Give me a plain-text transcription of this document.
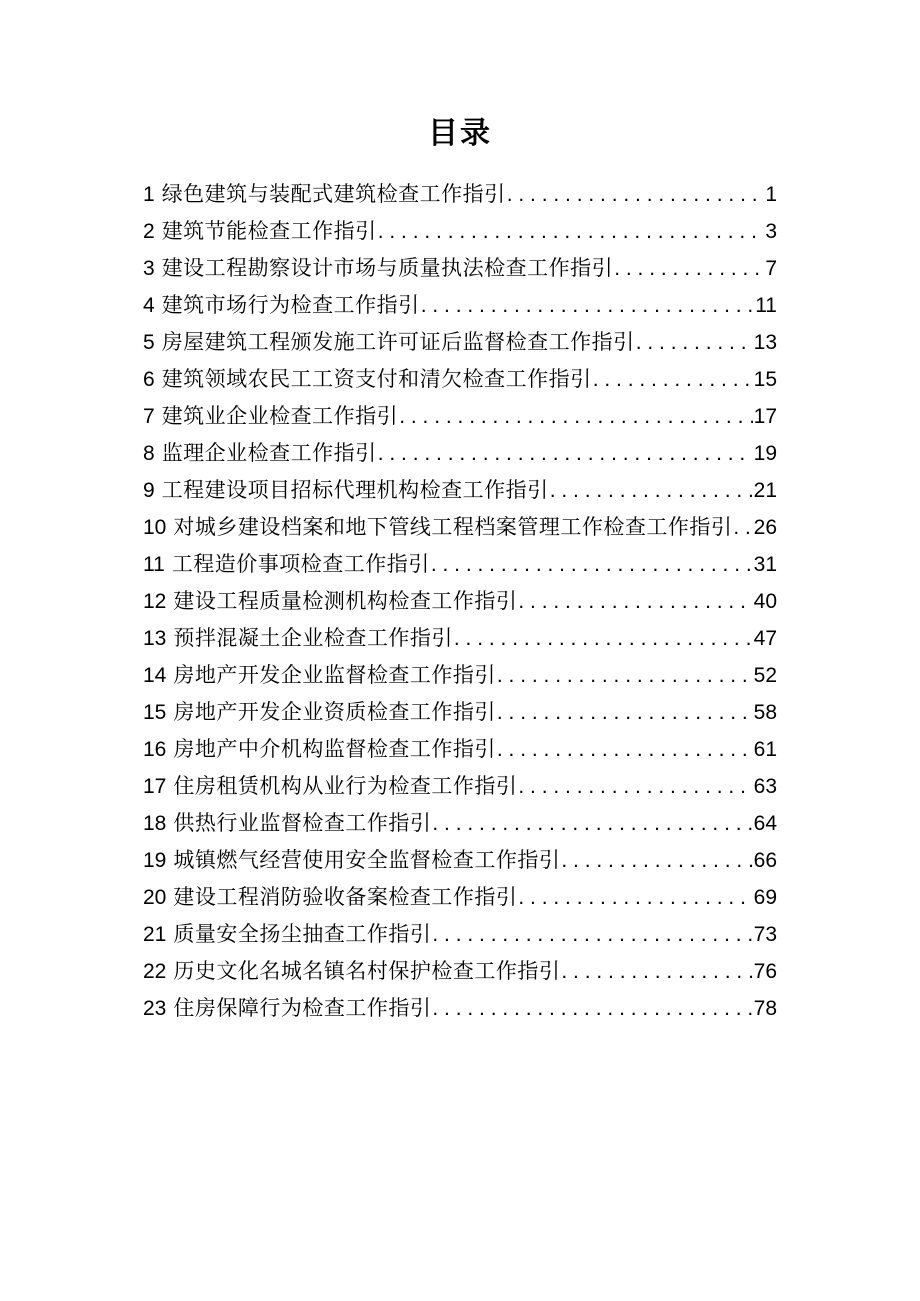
目录
1 绿色建筑与装配式建筑检查工作指引 . . .	1
2 建筑节能检查工作指引 . . .	3
3 建设工程勘察设计市场与质量执法检查工作指引 . . .	7
4 建筑市场行为检查工作指引 . . .	11
5 房屋建筑工程颁发施工许可证后监督检查工作指引 . . .	13
6 建筑领域农民工工资支付和清欠检查工作指引 . . .	15
7 建筑业企业检查工作指引 . . .	17
8 监理企业检查工作指引 . . .	19
9 工程建设项目招标代理机构检查工作指引 . . .	21
10 对城乡建设档案和地下管线工程档案管理工作检查工作指引 . . . 26
11 工程造价事项检查工作指引 . . .	31
12 建设工程质量检测机构检查工作指引 . . .	40
13 预拌混凝土企业检查工作指引 . . .	47
14 房地产开发企业监督检查工作指引 . . .	52
15 房地产开发企业资质检查工作指引 . . .	58
16 房地产中介机构监督检查工作指引 . . .	61
17 住房租赁机构从业行为检查工作指引 . . .	63
18 供热行业监督检查工作指引 . . .	64
19 城镇燃气经营使用安全监督检查工作指引 . . .	66
20 建设工程消防验收备案检查工作指引 . . .	69
21 质量安全扬尘抽查工作指引 . . .	73
22 历史文化名城名镇名村保护检查工作指引 . . .	76
23 住房保障行为检查工作指引 . . .	78
